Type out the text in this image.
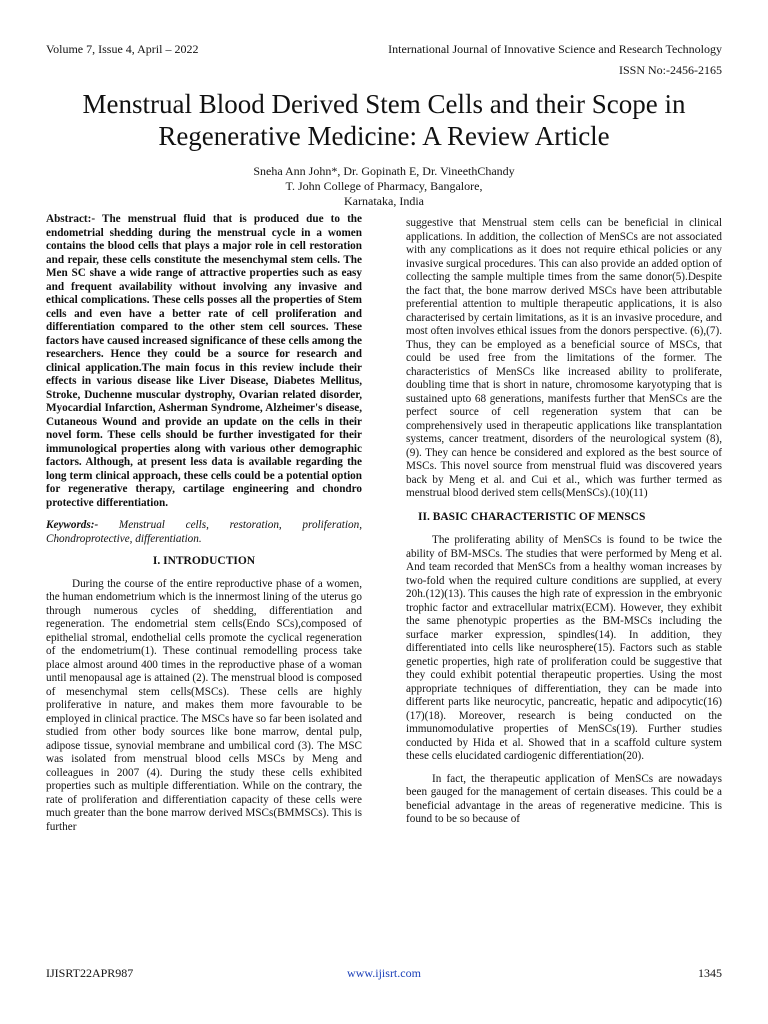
Volume 7, Issue 4, April – 2022	International Journal of Innovative Science and Research Technology
ISSN No:-2456-2165
Menstrual Blood Derived Stem Cells and their Scope in Regenerative Medicine: A Review Article
Sneha Ann John*, Dr. Gopinath E, Dr. VineethChandy
T. John College of Pharmacy, Bangalore,
Karnataka, India

Abstract:- The menstrual fluid that is produced due to the endometrial shedding during the menstrual cycle in a women contains the blood cells that plays a major role in cell restoration and repair, these cells constitute the mesenchymal stem cells. The Men SC shave a wide range of attractive properties such as easy and frequent availability without involving any invasive and ethical complications. These cells posses all the properties of Stem cells and even have a better rate of cell proliferation and differentiation compared to the other stem cell sources. These factors have caused increased significance of these cells among the researchers. Hence they could be a source for research and clinical application.The main focus in this review include their effects in various disease like Liver Disease, Diabetes Mellitus, Stroke, Duchenne muscular dystrophy, Ovarian related disorder, Myocardial Infarction, Asherman Syndrome, Alzheimer's disease, Cutaneous Wound and provide an update on the cells in their novel form. These cells should be further investigated for their immunological properties along with various other demographic factors. Although, at present less data is available regarding the long term clinical approach, these cells could be a potential option for regenerative therapy, cartilage engineering and chondro protective differentiation.

Keywords:- Menstrual cells, restoration, proliferation, Chondroprotective, differentiation.

I. INTRODUCTION

During the course of the entire reproductive phase of a women, the human endometrium which is the innermost lining of the uterus go through numerous cycles of shedding, differentiation and regeneration. The endometrial stem cells(Endo SCs),composed of epithelial stromal, endothelial cells promote the cyclical regeneration of the endometrium(1). These continual remodelling process take place almost around 400 times in the reproductive phase of a woman until menopausal age is attained (2). The menstrual blood is composed of mesenchymal stem cells(MSCs). These cells are highly proliferative in nature, and makes them more favourable to be employed in clinical practice. The MSCs have so far been isolated and studied from other body sources like bone marrow, dental pulp, adipose tissue, synovial membrane and umbilical cord (3). The MSC was isolated from menstrual blood cells MSCs by Meng and colleagues in 2007 (4). During the study these cells exhibited properties such as multiple differentiation. While on the contrary, the rate of proliferation and differentiation capacity of these cells were much greater than the bone marrow derived MSCs(BMMSCs). This is further

suggestive that Menstrual stem cells can be beneficial in clinical applications. In addition, the collection of MenSCs are not associated with any complications as it does not require ethical policies or any invasive surgical procedures. This can also provide an added option of collecting the sample multiple times from the same donor(5).Despite the fact that, the bone marrow derived MSCs have been attributable preferential attention to multiple therapeutic applications, it is also characterised by certain limitations, as it is an invasive procedure, and most often involves ethical issues from the donors perspective. (6),(7). Thus, they can be employed as a beneficial source of MSCs, that could be used free from the limitations of the former. The characteristics of MenSCs like increased ability to proliferate, doubling time that is short in nature, chromosome karyotyping that is sustained upto 68 generations, manifests further that MenSCs are the perfect source of cell regeneration system that can be comprehensively used in therapeutic applications like transplantation systems, cancer treatment, disorders of the neurological system (8),(9). They can hence be considered and explored as the best source of MSCs. This novel source from menstrual fluid was discovered years back by Meng et al. and Cui et al., which was further termed as menstrual blood derived stem cells(MenSCs).(10)(11)

II. BASIC CHARACTERISTIC OF MENSCS

The proliferating ability of MenSCs is found to be twice the ability of BM-MSCs. The studies that were performed by Meng et al. And team recorded that MenSCs from a healthy woman increases by two-fold when the required culture conditions are supplied, at every 20h.(12)(13). This causes the high rate of expression in the embryonic trophic factor and extracellular matrix(ECM). However, they exhibit the same phenotypic properties as the BM-MSCs including the surface marker expression, spindles(14). In addition, they differentiated into cells like neurosphere(15). Factors such as stable genetic properties, high rate of proliferation could be suggestive that they could exhibit potential therapeutic properties. Using the most appropriate techniques of differentiation, they can be made into different parts like neurocytic, pancreatic, hepatic and adipocytic(16)(17)(18). Moreover, research is being conducted on the immunomodulative properties of MenSCs(19). Further studies conducted by Hida et al. Showed that in a scaffold culture system these cells elucidated cardiogenic differentiation(20).

In fact, the therapeutic application of MenSCs are nowadays been gauged for the management of certain diseases. This could be a beneficial advantage in the areas of regenerative medicine. This is found to be so because of

IJISRT22APR987	www.ijisrt.com	1345
